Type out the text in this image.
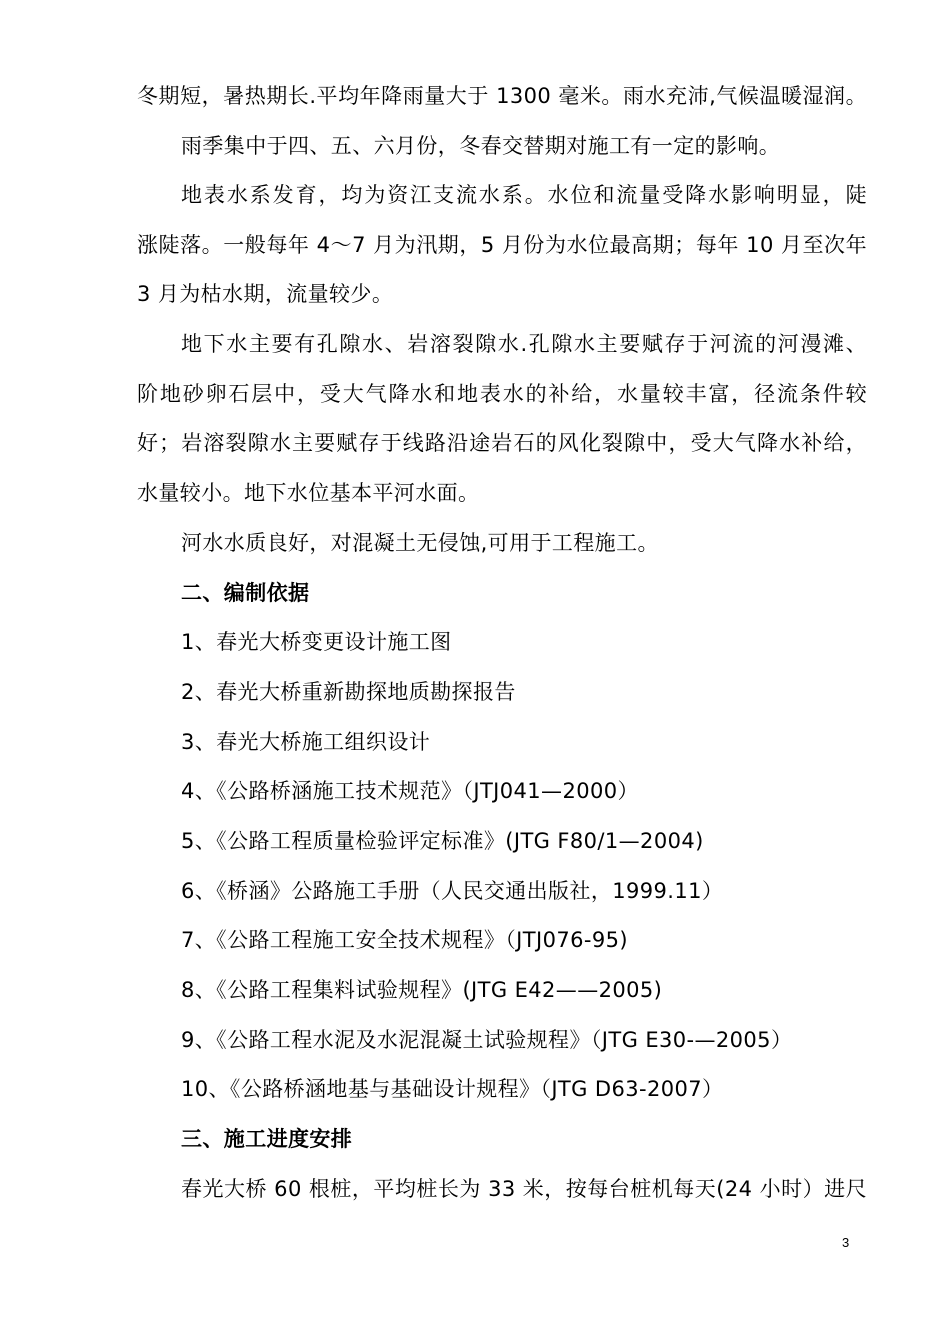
冬期短，暑热期长.平均年降雨量大于 1300 毫米。雨水充沛,气候温暖湿润。
雨季集中于四、五、六月份，冬春交替期对施工有一定的影响。
地表水系发育，均为资江支流水系。水位和流量受降水影响明显，陡
涨陡落。一般每年 4～7 月为汛期，5 月份为水位最高期；每年 10 月至次年
3 月为枯水期，流量较少。
地下水主要有孔隙水、岩溶裂隙水.孔隙水主要赋存于河流的河漫滩、
阶地砂卵石层中，受大气降水和地表水的补给，水量较丰富，径流条件较
好；岩溶裂隙水主要赋存于线路沿途岩石的风化裂隙中，受大气降水补给，
水量较小。地下水位基本平河水面。
河水水质良好，对混凝土无侵蚀,可用于工程施工。
二、编制依据
1、春光大桥变更设计施工图
2、春光大桥重新勘探地质勘探报告
3、春光大桥施工组织设计
4、《公路桥涵施工技术规范》（JTJ041—2000）
5、《公路工程质量检验评定标准》(JTG F80/1—2004)
6、《桥涵》公路施工手册（人民交通出版社，1999.11）
7、《公路工程施工安全技术规程》（JTJ076-95)
8、《公路工程集料试验规程》(JTG E42——2005)
9、《公路工程水泥及水泥混凝土试验规程》（JTG E30-—2005）
10、《公路桥涵地基与基础设计规程》（JTG D63-2007）
三、施工进度安排
春光大桥 60 根桩，平均桩长为 33 米，按每台桩机每天(24 小时）进尺
3
